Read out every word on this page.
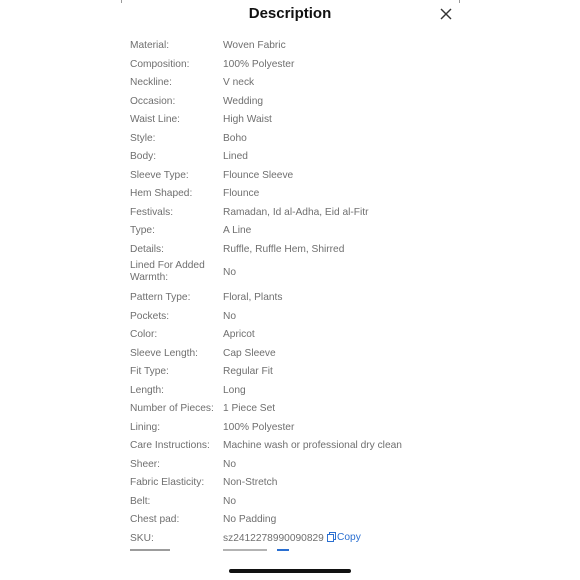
Description
Material:	Woven Fabric
Composition:	100% Polyester
Neckline:	V neck
Occasion:	Wedding
Waist Line:	High Waist
Style:	Boho
Body:	Lined
Sleeve Type:	Flounce Sleeve
Hem Shaped:	Flounce
Festivals:	Ramadan, Id al-Adha, Eid al-Fitr
Type:	A Line
Details:	Ruffle, Ruffle Hem, Shirred
Lined For Added Warmth:	No
Pattern Type:	Floral, Plants
Pockets:	No
Color:	Apricot
Sleeve Length:	Cap Sleeve
Fit Type:	Regular Fit
Length:	Long
Number of Pieces: 1 Piece Set
Lining:	100% Polyester
Care Instructions:	Machine wash or professional dry clean
Sheer:	No
Fabric Elasticity:	Non-Stretch
Belt:	No
Chest pad:	No Padding
SKU:	sz2412278990090829 Copy
